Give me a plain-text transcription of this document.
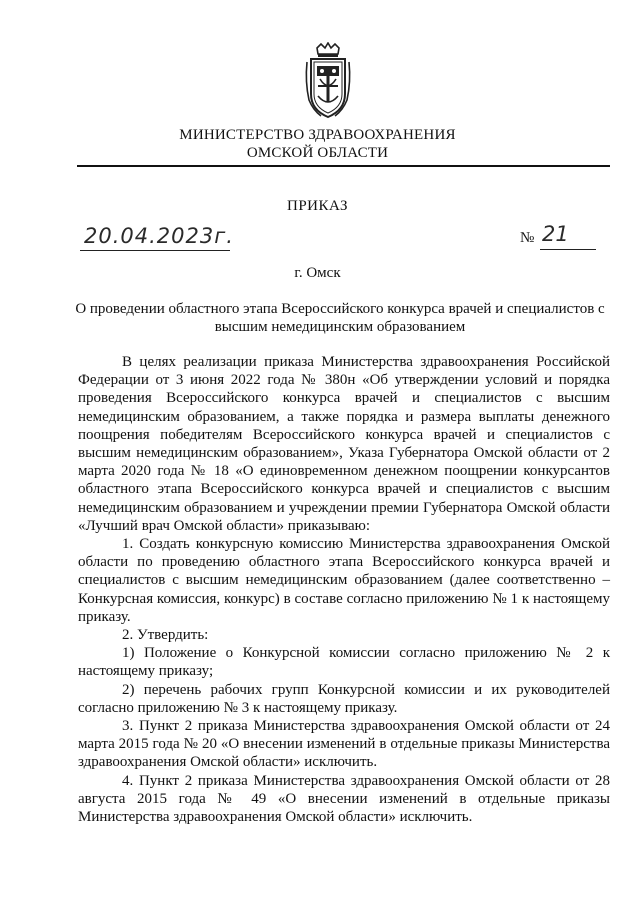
МИНИСТЕРСТВО ЗДРАВООХРАНЕНИЯ
ОМСКОЙ ОБЛАСТИ
ПРИКАЗ
20.04.2023г.	№ 21
г. Омск
О проведении областного этапа Всероссийского конкурса врачей и специалистов с высшим немедицинским образованием

В целях реализации приказа Министерства здравоохранения Российской Федерации от 3 июня 2022 года № 380н «Об утверждении условий и порядка проведения Всероссийского конкурса врачей и специалистов с высшим немедицинским образованием, а также порядка и размера выплаты денежного поощрения победителям Всероссийского конкурса врачей и специалистов с высшим немедицинским образованием», Указа Губернатора Омской области от 2 марта 2020 года № 18 «О единовременном денежном поощрении конкурсантов областного этапа Всероссийского конкурса врачей и специалистов с высшим немедицинским образованием и учреждении премии Губернатора Омской области «Лучший врач Омской области» приказываю:

1. Создать конкурсную комиссию Министерства здравоохранения Омской области по проведению областного этапа Всероссийского конкурса врачей и специалистов с высшим немедицинским образованием (далее соответственно – Конкурсная комиссия, конкурс) в составе согласно приложению № 1 к настоящему приказу.

2. Утвердить:

1) Положение о Конкурсной комиссии согласно приложению № 2 к настоящему приказу;

2) перечень рабочих групп Конкурсной комиссии и их руководителей согласно приложению № 3 к настоящему приказу.

3. Пункт 2 приказа Министерства здравоохранения Омской области от 24 марта 2015 года № 20 «О внесении изменений в отдельные приказы Министерства здравоохранения Омской области» исключить.

4. Пункт 2 приказа Министерства здравоохранения Омской области от 28 августа 2015 года № 49 «О внесении изменений в отдельные приказы Министерства здравоохранения Омской области» исключить.
